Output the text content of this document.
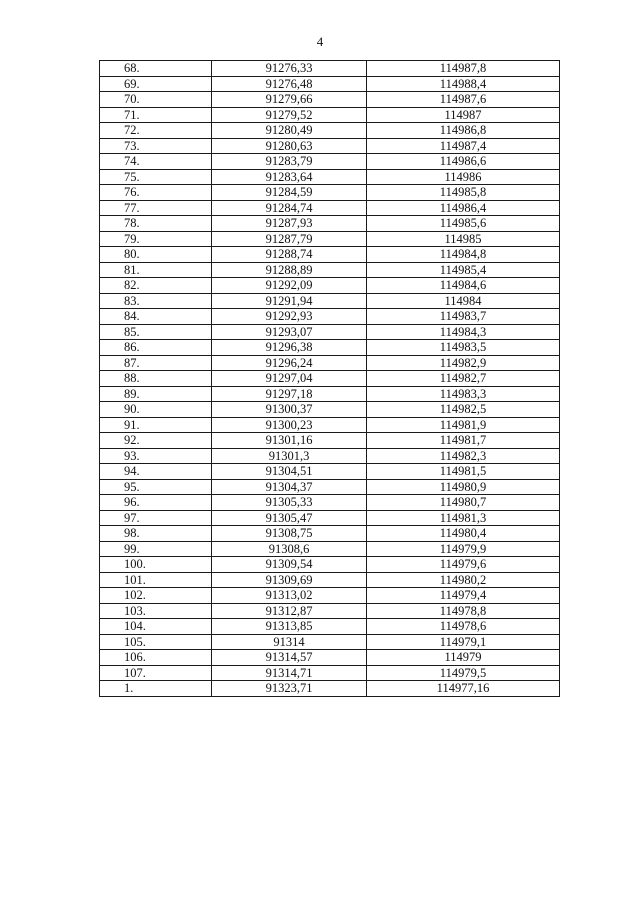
4
68.	91276,33	114987,8
69.	91276,48	114988,4
70.	91279,66	114987,6
71.	91279,52	114987
72.	91280,49	114986,8
73.	91280,63	114987,4
74.	91283,79	114986,6
75.	91283,64	114986
76.	91284,59	114985,8
77.	91284,74	114986,4
78.	91287,93	114985,6
79.	91287,79	114985
80.	91288,74	114984,8
81.	91288,89	114985,4
82.	91292,09	114984,6
83.	91291,94	114984
84.	91292,93	114983,7
85.	91293,07	114984,3
86.	91296,38	114983,5
87.	91296,24	114982,9
88.	91297,04	114982,7
89.	91297,18	114983,3
90.	91300,37	114982,5
91.	91300,23	114981,9
92.	91301,16	114981,7
93.	91301,3	114982,3
94.	91304,51	114981,5
95.	91304,37	114980,9
96.	91305,33	114980,7
97.	91305,47	114981,3
98.	91308,75	114980,4
99.	91308,6	114979,9
100.	91309,54	114979,6
101.	91309,69	114980,2
102.	91313,02	114979,4
103.	91312,87	114978,8
104.	91313,85	114978,6
105.	91314	114979,1
106.	91314,57	114979
107.	91314,71	114979,5
1.	91323,71	114977,16
